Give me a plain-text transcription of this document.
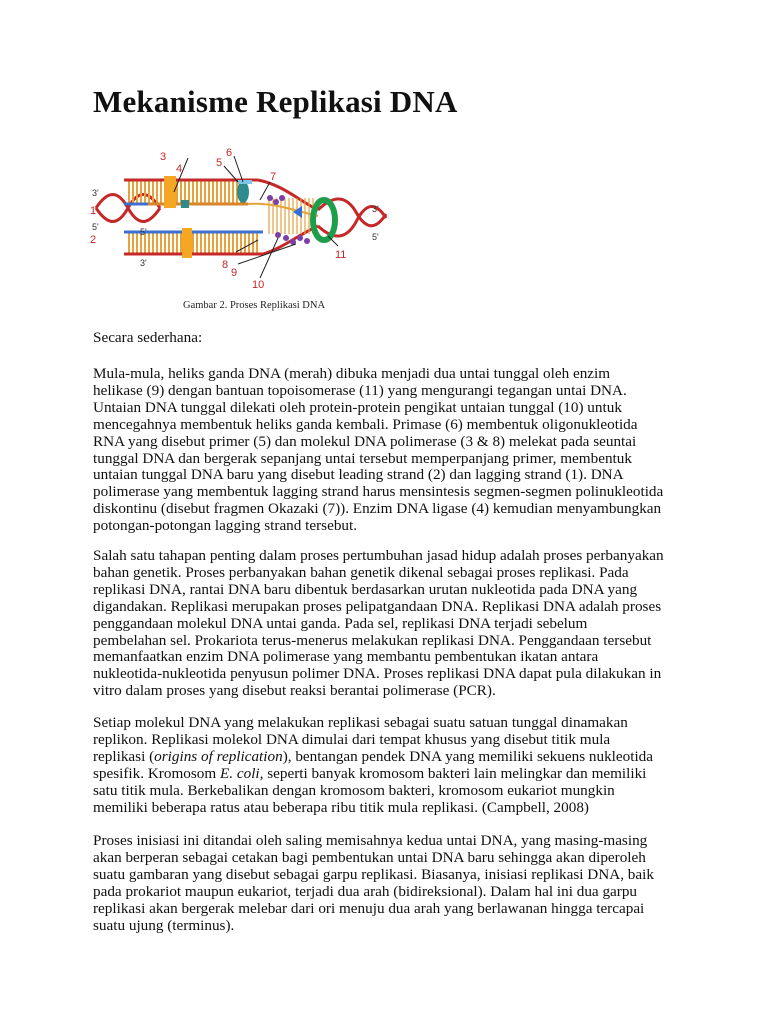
Mekanisme Replikasi DNA
1
2
3
4	5
6
7
8
9
10
11
3'
5'	5'
3'
3'
5'
Gambar 2. Proses Replikasi DNA

Secara sederhana:

Mula-mula, heliks ganda DNA (merah) dibuka menjadi dua untai tunggal oleh enzim
helikase (9) dengan bantuan topoisomerase (11) yang mengurangi tegangan untai DNA.
Untaian DNA tunggal dilekati oleh protein-protein pengikat untaian tunggal (10) untuk
mencegahnya membentuk heliks ganda kembali. Primase (6) membentuk oligonukleotida
RNA yang disebut primer (5) dan molekul DNA polimerase (3 & 8) melekat pada seuntai
tunggal DNA dan bergerak sepanjang untai tersebut memperpanjang primer, membentuk
untaian tunggal DNA baru yang disebut leading strand (2) dan lagging strand (1). DNA
polimerase yang membentuk lagging strand harus mensintesis segmen-segmen polinukleotida
diskontinu (disebut fragmen Okazaki (7)). Enzim DNA ligase (4) kemudian menyambungkan
potongan-potongan lagging strand tersebut.

Salah satu tahapan penting dalam proses pertumbuhan jasad hidup adalah proses perbanyakan
bahan genetik. Proses perbanyakan bahan genetik dikenal sebagai proses replikasi. Pada
replikasi DNA, rantai DNA baru dibentuk berdasarkan urutan nukleotida pada DNA yang
digandakan. Replikasi merupakan proses pelipatgandaan DNA. Replikasi DNA adalah proses
penggandaan molekul DNA untai ganda. Pada sel, replikasi DNA terjadi sebelum
pembelahan sel. Prokariota terus-menerus melakukan replikasi DNA. Penggandaan tersebut
memanfaatkan enzim DNA polimerase yang membantu pembentukan ikatan antara
nukleotida-nukleotida penyusun polimer DNA. Proses replikasi DNA dapat pula dilakukan in
vitro dalam proses yang disebut reaksi berantai polimerase (PCR).

Setiap molekul DNA yang melakukan replikasi sebagai suatu satuan tunggal dinamakan
replikon. Replikasi molekol DNA dimulai dari tempat khusus yang disebut titik mula
replikasi (origins of replication), bentangan pendek DNA yang memiliki sekuens nukleotida
spesifik. Kromosom E. coli, seperti banyak kromosom bakteri lain melingkar dan memiliki
satu titik mula. Berkebalikan dengan kromosom bakteri, kromosom eukariot mungkin
memiliki beberapa ratus atau beberapa ribu titik mula replikasi. (Campbell, 2008)

Proses inisiasi ini ditandai oleh saling memisahnya kedua untai DNA, yang masing-masing
akan berperan sebagai cetakan bagi pembentukan untai DNA baru sehingga akan diperoleh
suatu gambaran yang disebut sebagai garpu replikasi. Biasanya, inisiasi replikasi DNA, baik
pada prokariot maupun eukariot, terjadi dua arah (bidireksional). Dalam hal ini dua garpu
replikasi akan bergerak melebar dari ori menuju dua arah yang berlawanan hingga tercapai
suatu ujung (terminus).
